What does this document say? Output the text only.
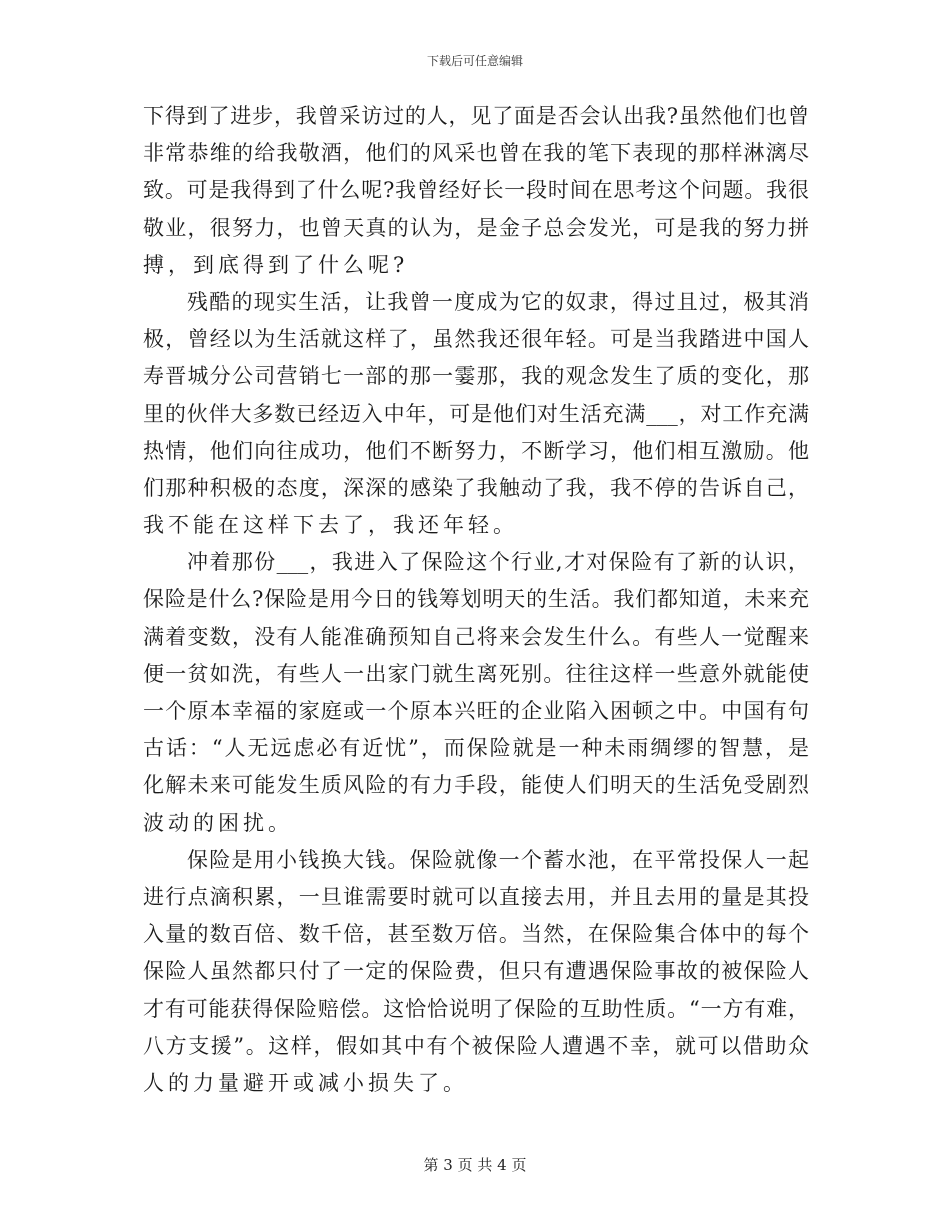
下载后可任意编辑
下得到了进步，我曾采访过的人，见了面是否会认出我?虽然他们也曾
非常恭维的给我敬酒，他们的风采也曾在我的笔下表现的那样淋漓尽
致。可是我得到了什么呢?我曾经好长一段时间在思考这个问题。我很
敬业，很努力，也曾天真的认为，是金子总会发光，可是我的努力拼
搏，到底得到了什么呢?
残酷的现实生活，让我曾一度成为它的奴隶，得过且过，极其消
极，曾经以为生活就这样了，虽然我还很年轻。可是当我踏进中国人
寿晋城分公司营销七一部的那一霎那，我的观念发生了质的变化，那
里的伙伴大多数已经迈入中年，可是他们对生活充满___，对工作充满
热情，他们向往成功，他们不断努力，不断学习，他们相互激励。他
们那种积极的态度，深深的感染了我触动了我，我不停的告诉自己，
我不能在这样下去了，我还年轻。
冲着那份___，我进入了保险这个行业,才对保险有了新的认识，
保险是什么?保险是用今日的钱筹划明天的生活。我们都知道，未来充
满着变数，没有人能准确预知自己将来会发生什么。有些人一觉醒来
便一贫如洗，有些人一出家门就生离死别。往往这样一些意外就能使
一个原本幸福的家庭或一个原本兴旺的企业陷入困顿之中。中国有句
古话：“人无远虑必有近忧”，而保险就是一种未雨绸缪的智慧，是
化解未来可能发生质风险的有力手段，能使人们明天的生活免受剧烈
波动的困扰。
保险是用小钱换大钱。保险就像一个蓄水池，在平常投保人一起
进行点滴积累，一旦谁需要时就可以直接去用，并且去用的量是其投
入量的数百倍、数千倍，甚至数万倍。当然，在保险集合体中的每个
保险人虽然都只付了一定的保险费，但只有遭遇保险事故的被保险人
才有可能获得保险赔偿。这恰恰说明了保险的互助性质。“一方有难，
八方支援”。这样，假如其中有个被保险人遭遇不幸，就可以借助众
人的力量避开或减小损失了。
第 3 页 共 4 页
